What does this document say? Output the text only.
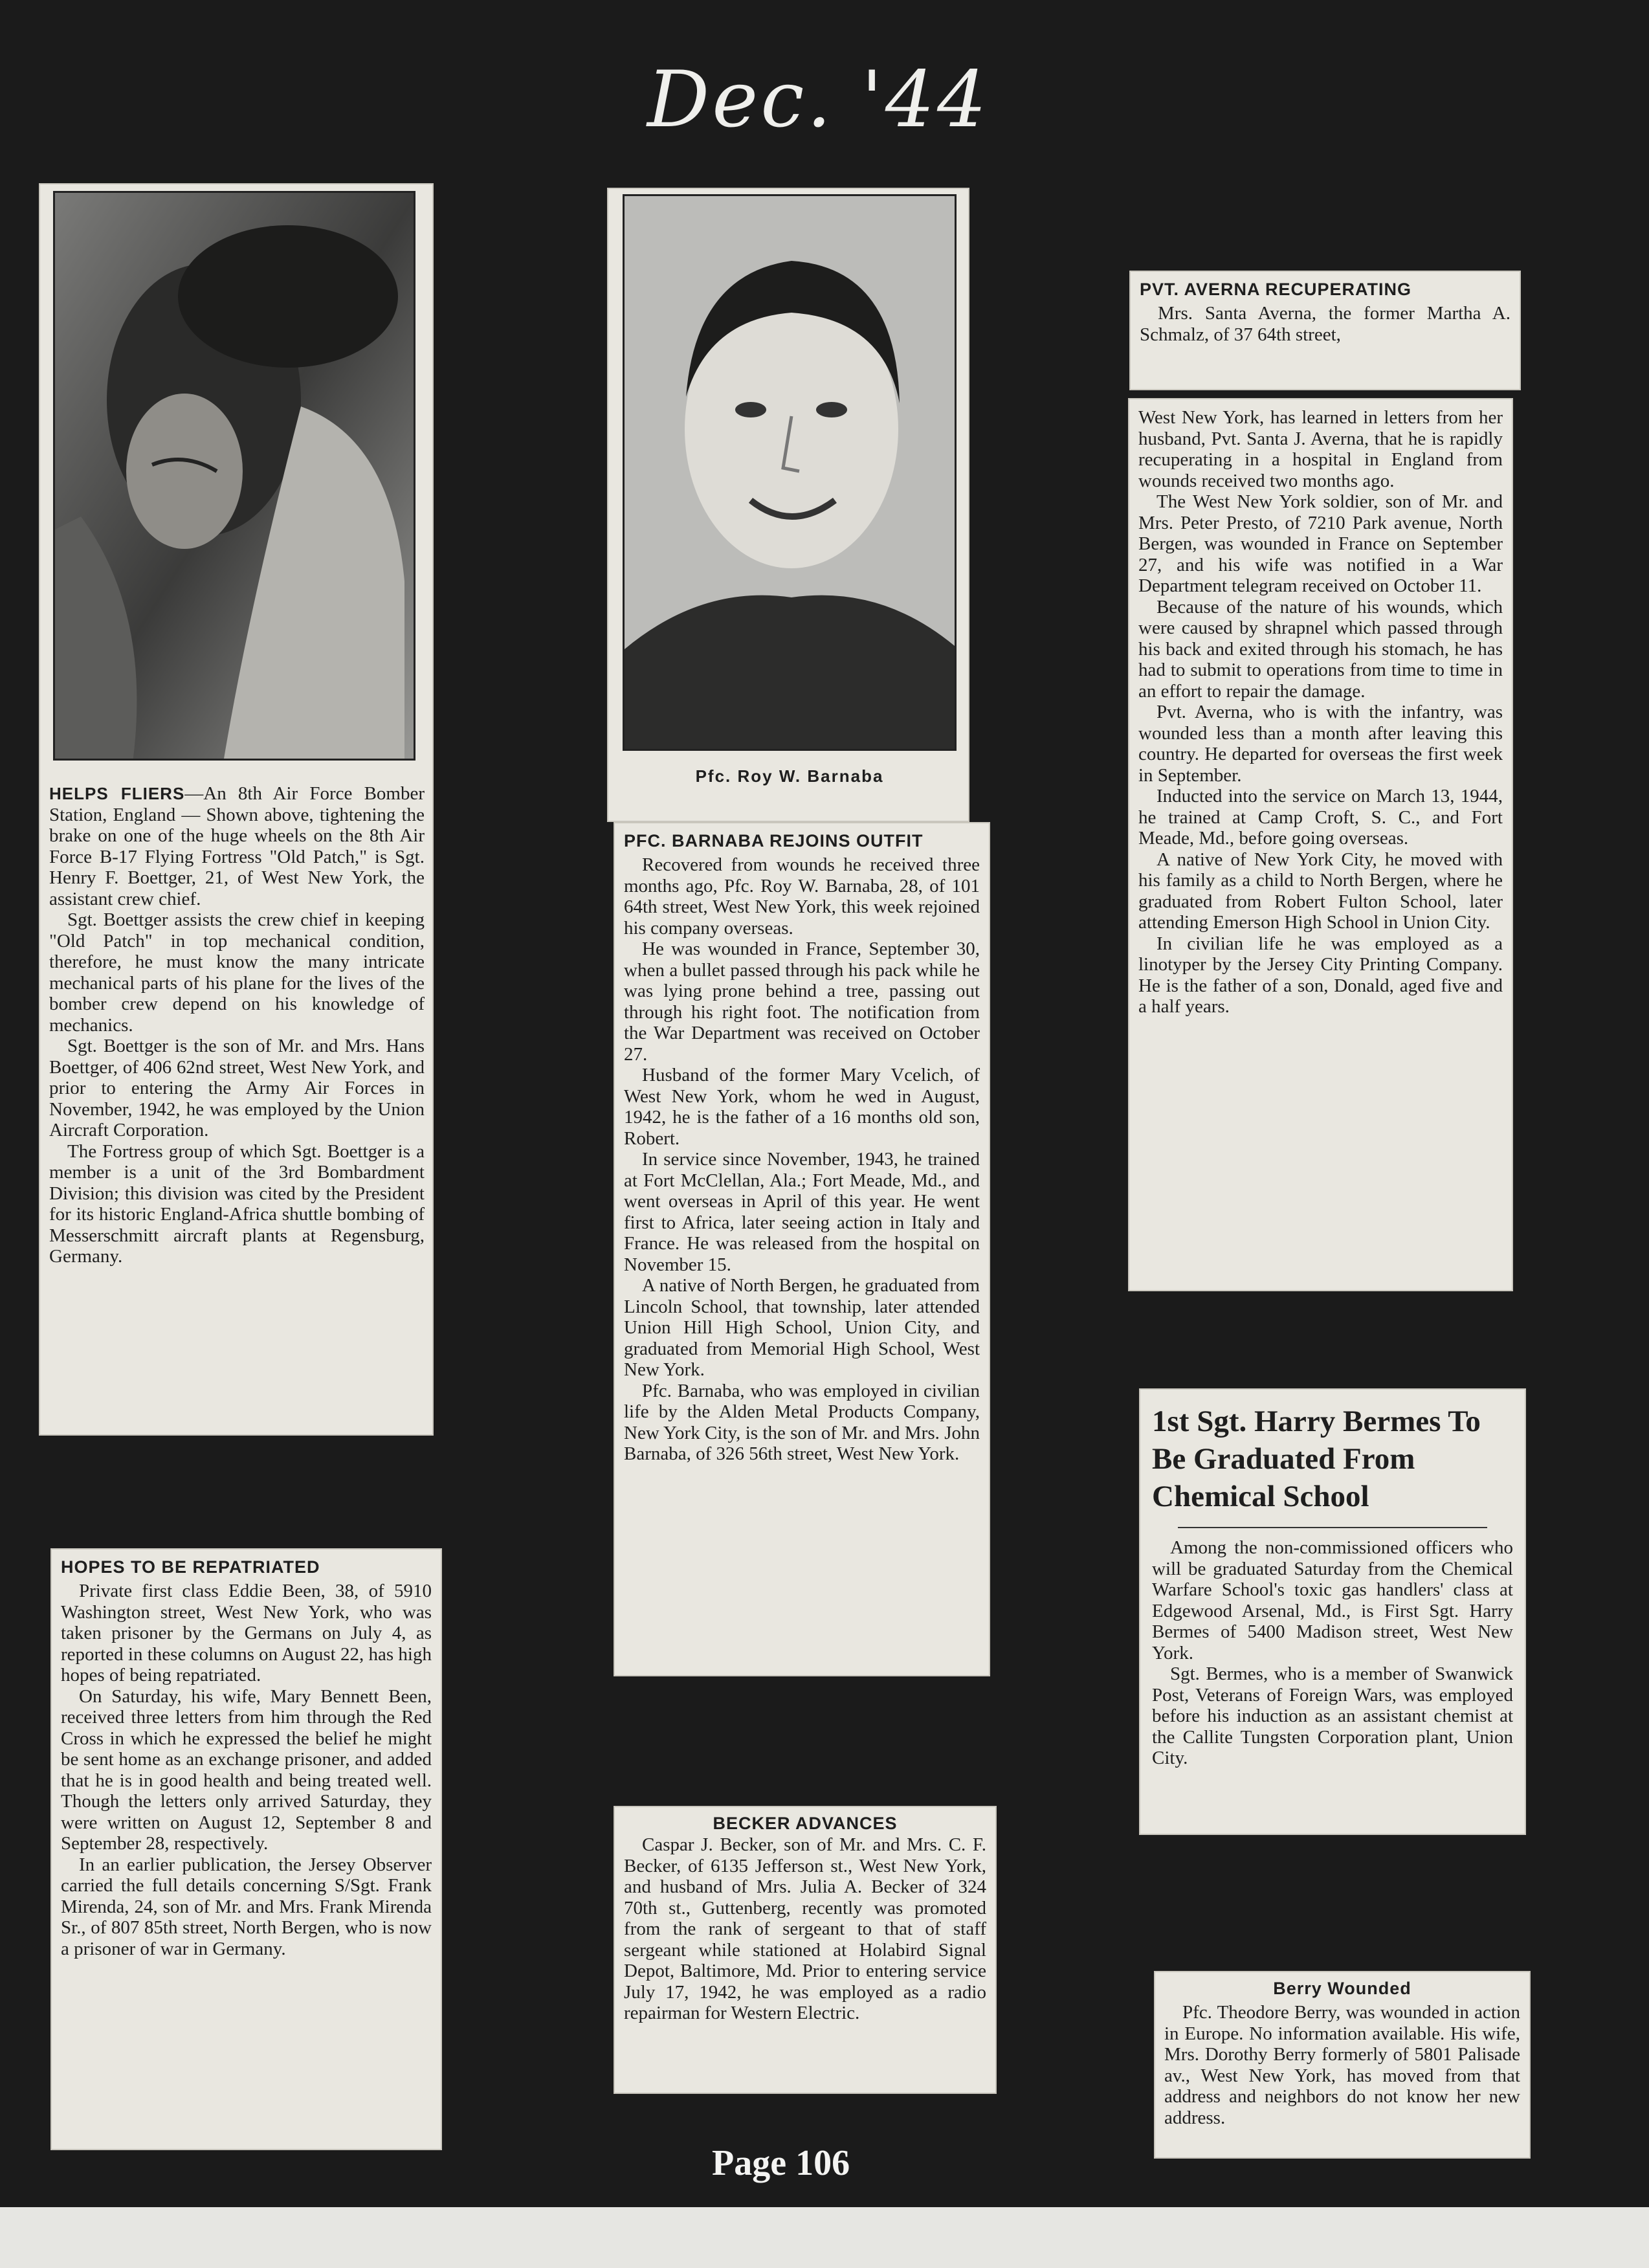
Dec. '44

HELPS FLIERS—An 8th Air Force Bomber Station, England — Shown above, tightening the brake on one of the huge wheels on the 8th Air Force B-17 Flying Fortress "Old Patch," is Sgt. Henry F. Boettger, 21, of West New York, the assistant crew chief.

Sgt. Boettger assists the crew chief in keeping "Old Patch" in top mechanical condition, therefore, he must know the many intricate mechanical parts of his plane for the lives of the bomber crew depend on his knowledge of mechanics.

Sgt. Boettger is the son of Mr. and Mrs. Hans Boettger, of 406 62nd street, West New York, and prior to entering the Army Air Forces in November, 1942, he was employed by the Union Aircraft Corporation.

The Fortress group of which Sgt. Boettger is a member is a unit of the 3rd Bombardment Division; this division was cited by the President for its historic England-Africa shuttle bombing of Messerschmitt aircraft plants at Regensburg, Germany.

Pfc. Roy W. Barnaba
PFC. BARNABA REJOINS OUTFIT

Recovered from wounds he received three months ago, Pfc. Roy W. Barnaba, 28, of 101 64th street, West New York, this week rejoined his company overseas.

He was wounded in France, September 30, when a bullet passed through his pack while he was lying prone behind a tree, passing out through his right foot. The notification from the War Department was received on October 27.

Husband of the former Mary Vcelich, of West New York, whom he wed in August, 1942, he is the father of a 16 months old son, Robert.

In service since November, 1943, he trained at Fort McClellan, Ala.; Fort Meade, Md., and went overseas in April of this year. He went first to Africa, later seeing action in Italy and France. He was released from the hospital on November 15.

A native of North Bergen, he graduated from Lincoln School, that township, later attended Union Hill High School, Union City, and graduated from Memorial High School, West New York.

Pfc. Barnaba, who was employed in civilian life by the Alden Metal Products Company, New York City, is the son of Mr. and Mrs. John Barnaba, of 326 56th street, West New York.

PVT. AVERNA RECUPERATING

Mrs. Santa Averna, the former Martha A. Schmalz, of 37 64th street,

West New York, has learned in letters from her husband, Pvt. Santa J. Averna, that he is rapidly recuperating in a hospital in England from wounds received two months ago.

The West New York soldier, son of Mr. and Mrs. Peter Presto, of 7210 Park avenue, North Bergen, was wounded in France on September 27, and his wife was notified in a War Department telegram received on October 11.

Because of the nature of his wounds, which were caused by shrapnel which passed through his back and exited through his stomach, he has had to submit to operations from time to time in an effort to repair the damage.

Pvt. Averna, who is with the infantry, was wounded less than a month after leaving this country. He departed for overseas the first week in September.

Inducted into the service on March 13, 1944, he trained at Camp Croft, S. C., and Fort Meade, Md., before going overseas.

A native of New York City, he moved with his family as a child to North Bergen, where he graduated from Robert Fulton School, later attending Emerson High School in Union City.

In civilian life he was employed as a linotyper by the Jersey City Printing Company. He is the father of a son, Donald, aged five and a half years.

1st Sgt. Harry Bermes To Be Graduated From Chemical School

Among the non-commissioned officers who will be graduated Saturday from the Chemical Warfare School's toxic gas handlers' class at Edgewood Arsenal, Md., is First Sgt. Harry Bermes of 5400 Madison street, West New York.

Sgt. Bermes, who is a member of Swanwick Post, Veterans of Foreign Wars, was employed before his induction as an assistant chemist at the Callite Tungsten Corporation plant, Union City.

HOPES TO BE REPATRIATED

Private first class Eddie Been, 38, of 5910 Washington street, West New York, who was taken prisoner by the Germans on July 4, as reported in these columns on August 22, has high hopes of being repatriated.

On Saturday, his wife, Mary Bennett Been, received three letters from him through the Red Cross in which he expressed the belief he might be sent home as an exchange prisoner, and added that he is in good health and being treated well. Though the letters only arrived Saturday, they were written on August 12, September 8 and September 28, respectively.

In an earlier publication, the Jersey Observer carried the full details concerning S/Sgt. Frank Mirenda, 24, son of Mr. and Mrs. Frank Mirenda Sr., of 807 85th street, North Bergen, who is now a prisoner of war in Germany.

BECKER ADVANCES

Caspar J. Becker, son of Mr. and Mrs. C. F. Becker, of 6135 Jefferson st., West New York, and husband of Mrs. Julia A. Becker of 324 70th st., Guttenberg, recently was promoted from the rank of sergeant to that of staff sergeant while stationed at Holabird Signal Depot, Baltimore, Md. Prior to entering service July 17, 1942, he was employed as a radio repairman for Western Electric.

Berry Wounded

Pfc. Theodore Berry, was wounded in action in Europe. No information available. His wife, Mrs. Dorothy Berry formerly of 5801 Palisade av., West New York, has moved from that address and neighbors do not know her new address.

Page 106
